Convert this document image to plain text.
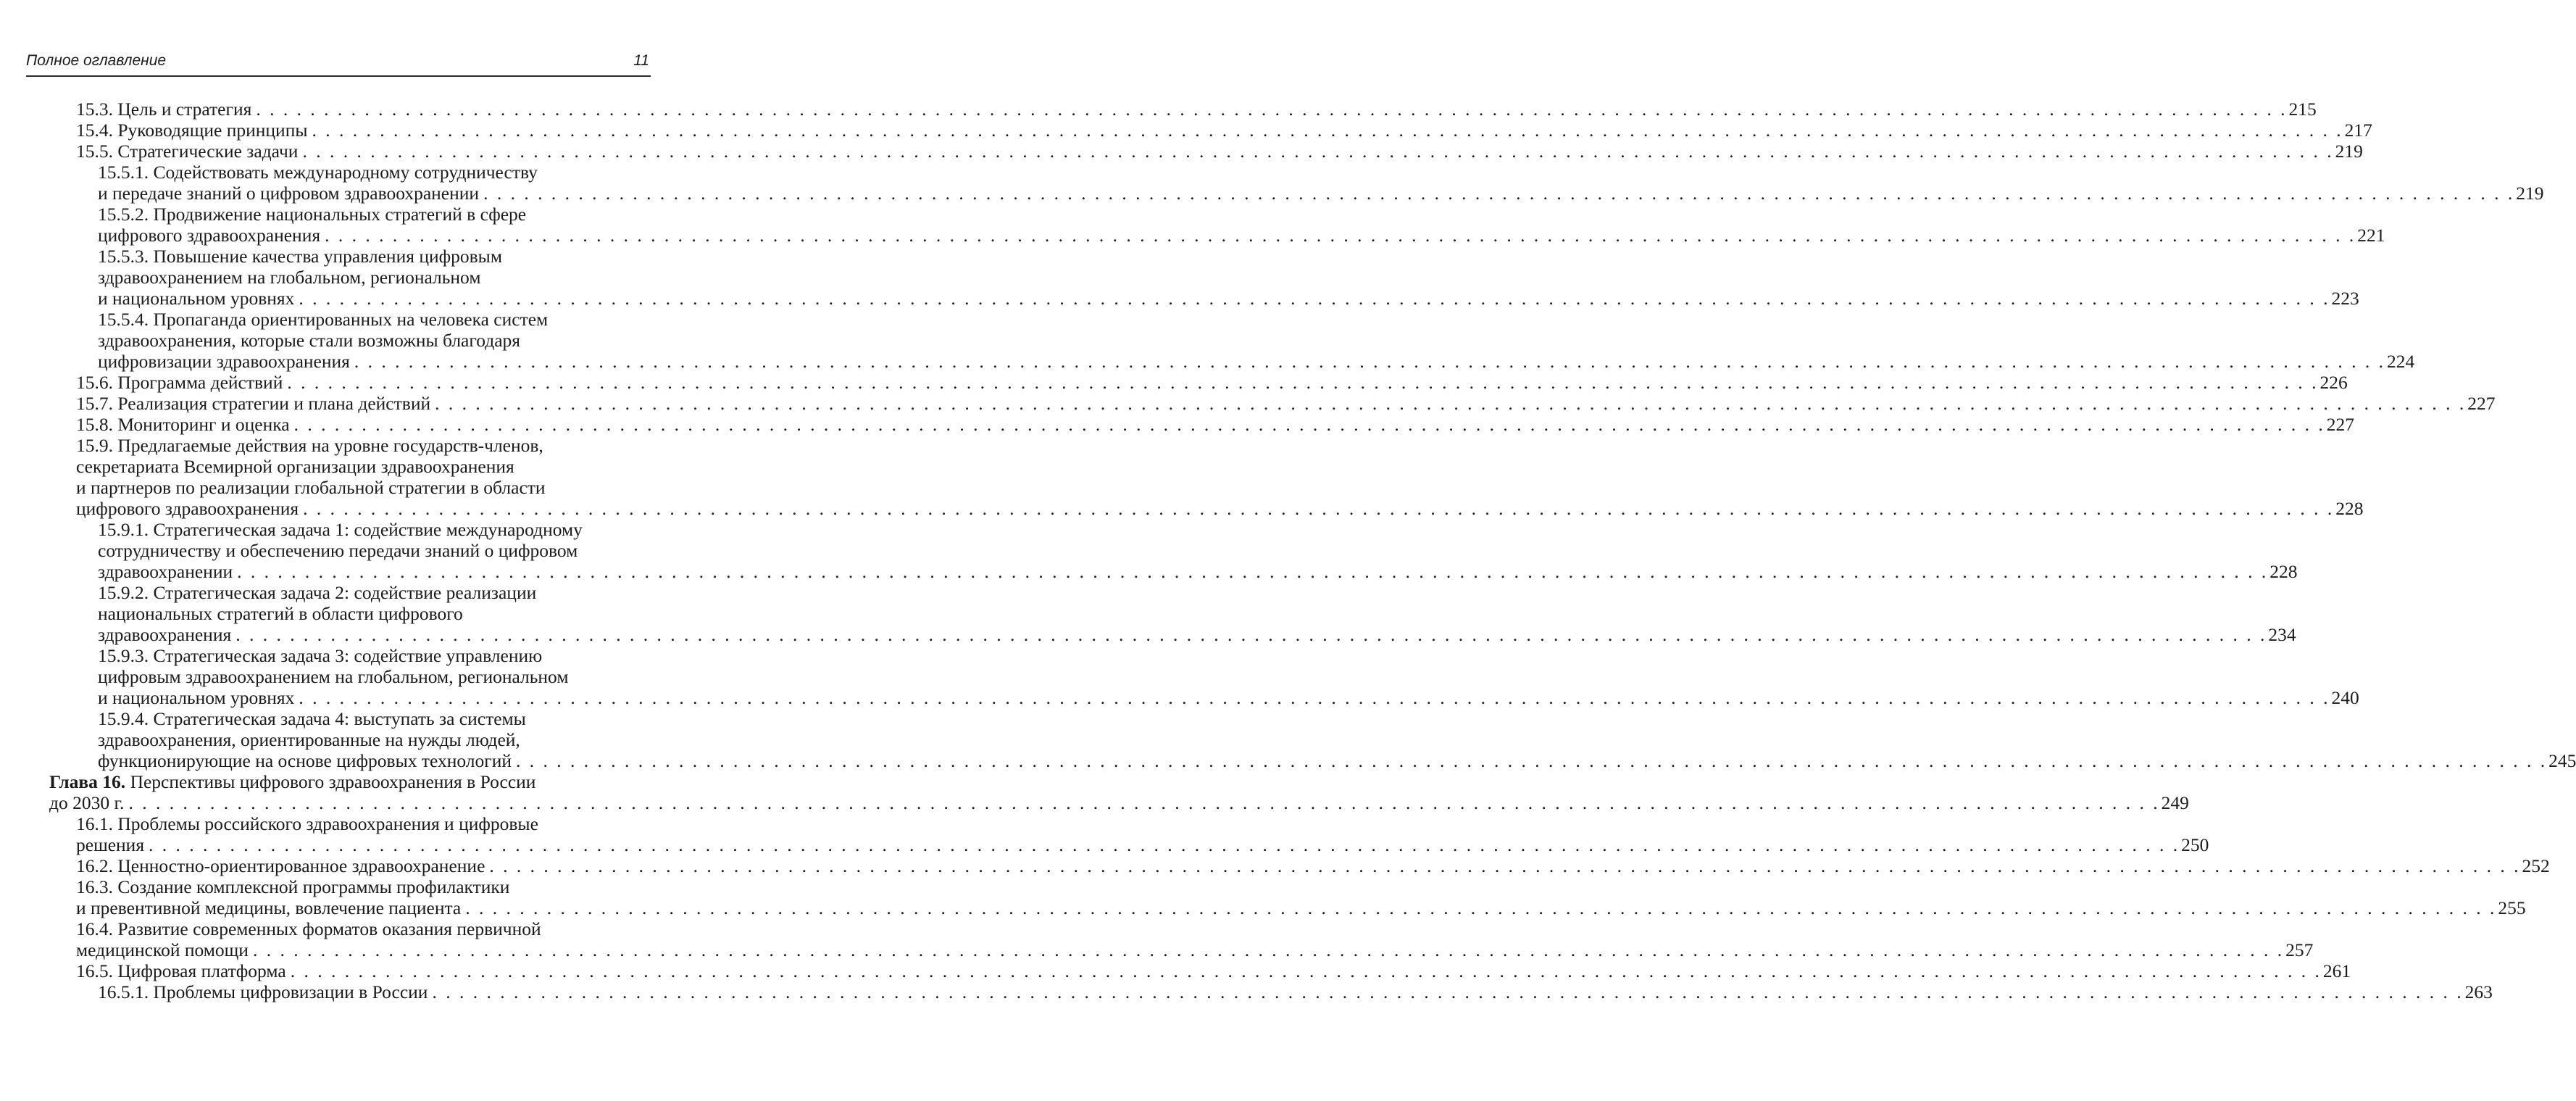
Полное оглавление	11
15.3. Цель и стратегия . . . . . . . . . . . . . . . . . . . . . . . . . . . . . . . . . . . . . . . . . . . . . . . . . . . . . . . . . . . . . . . . . . . . . . . . . . . . . . . . . . . . . . . . . . . . . . . . . . . . . . . . . . . . . . . . . . . . . . . . . . . . . . . . . . . . . . . . . . . . . . . . . . . . . . 215
15.4. Руководящие принципы . . . . . . . . . . . . . . . . . . . . . . . . . . . . . . . . . . . . . . . . . . . . . . . . . . . . . . . . . . . . . . . . . . . . . . . . . . . . . . . . . . . . . . . . . . . . . . . . . . . . . . . . . . . . . . . . . . . . . . . . . . . . . . . . . . . . . . . . . . . . . . . . . . . . . . 217
15.5. Стратегические задачи . . . . . . . . . . . . . . . . . . . . . . . . . . . . . . . . . . . . . . . . . . . . . . . . . . . . . . . . . . . . . . . . . . . . . . . . . . . . . . . . . . . . . . . . . . . . . . . . . . . . . . . . . . . . . . . . . . . . . . . . . . . . . . . . . . . . . . . . . . . . . . . . . . . . . . 219
15.5.1. Содействовать международному сотрудничеству
и передаче знаний о цифровом здравоохранении . . . . . . . . . . . . . . . . . . . . . . . . . . . . . . . . . . . . . . . . . . . . . . . . . . . . . . . . . . . . . . . . . . . . . . . . . . . . . . . . . . . . . . . . . . . . . . . . . . . . . . . . . . . . . . . . . . . . . . . . . . . . . . . . . . . . . . . . . . . . . . . . . . . . . . 219
15.5.2. Продвижение национальных стратегий в сфере
цифрового здравоохранения . . . . . . . . . . . . . . . . . . . . . . . . . . . . . . . . . . . . . . . . . . . . . . . . . . . . . . . . . . . . . . . . . . . . . . . . . . . . . . . . . . . . . . . . . . . . . . . . . . . . . . . . . . . . . . . . . . . . . . . . . . . . . . . . . . . . . . . . . . . . . . . . . . . . . . 221
15.5.3. Повышение качества управления цифровым
здравоохранением на глобальном, региональном
и национальном уровнях . . . . . . . . . . . . . . . . . . . . . . . . . . . . . . . . . . . . . . . . . . . . . . . . . . . . . . . . . . . . . . . . . . . . . . . . . . . . . . . . . . . . . . . . . . . . . . . . . . . . . . . . . . . . . . . . . . . . . . . . . . . . . . . . . . . . . . . . . . . . . . . . . . . . . . 223
15.5.4. Пропаганда ориентированных на человека систем
здравоохранения, которые стали возможны благодаря
цифровизации здравоохранения . . . . . . . . . . . . . . . . . . . . . . . . . . . . . . . . . . . . . . . . . . . . . . . . . . . . . . . . . . . . . . . . . . . . . . . . . . . . . . . . . . . . . . . . . . . . . . . . . . . . . . . . . . . . . . . . . . . . . . . . . . . . . . . . . . . . . . . . . . . . . . . . . . . . . . 224
15.6. Программа действий . . . . . . . . . . . . . . . . . . . . . . . . . . . . . . . . . . . . . . . . . . . . . . . . . . . . . . . . . . . . . . . . . . . . . . . . . . . . . . . . . . . . . . . . . . . . . . . . . . . . . . . . . . . . . . . . . . . . . . . . . . . . . . . . . . . . . . . . . . . . . . . . . . . . . . 226
15.7. Реализация стратегии и плана действий . . . . . . . . . . . . . . . . . . . . . . . . . . . . . . . . . . . . . . . . . . . . . . . . . . . . . . . . . . . . . . . . . . . . . . . . . . . . . . . . . . . . . . . . . . . . . . . . . . . . . . . . . . . . . . . . . . . . . . . . . . . . . . . . . . . . . . . . . . . . . . . . . . . . . . 227
15.8. Мониторинг и оценка . . . . . . . . . . . . . . . . . . . . . . . . . . . . . . . . . . . . . . . . . . . . . . . . . . . . . . . . . . . . . . . . . . . . . . . . . . . . . . . . . . . . . . . . . . . . . . . . . . . . . . . . . . . . . . . . . . . . . . . . . . . . . . . . . . . . . . . . . . . . . . . . . . . . . . 227
15.9. Предлагаемые действия на уровне государств-членов,
секретариата Всемирной организации здравоохранения
и партнеров по реализации глобальной стратегии в области
цифрового здравоохранения . . . . . . . . . . . . . . . . . . . . . . . . . . . . . . . . . . . . . . . . . . . . . . . . . . . . . . . . . . . . . . . . . . . . . . . . . . . . . . . . . . . . . . . . . . . . . . . . . . . . . . . . . . . . . . . . . . . . . . . . . . . . . . . . . . . . . . . . . . . . . . . . . . . . . . 228
15.9.1. Стратегическая задача 1: содействие международному
сотрудничеству и обеспечению передачи знаний о цифровом
здравоохранении . . . . . . . . . . . . . . . . . . . . . . . . . . . . . . . . . . . . . . . . . . . . . . . . . . . . . . . . . . . . . . . . . . . . . . . . . . . . . . . . . . . . . . . . . . . . . . . . . . . . . . . . . . . . . . . . . . . . . . . . . . . . . . . . . . . . . . . . . . . . . . . . . . . . . . 228
15.9.2. Стратегическая задача 2: содействие реализации
национальных стратегий в области цифрового
здравоохранения . . . . . . . . . . . . . . . . . . . . . . . . . . . . . . . . . . . . . . . . . . . . . . . . . . . . . . . . . . . . . . . . . . . . . . . . . . . . . . . . . . . . . . . . . . . . . . . . . . . . . . . . . . . . . . . . . . . . . . . . . . . . . . . . . . . . . . . . . . . . . . . . . . . . . . 234
15.9.3. Стратегическая задача 3: содействие управлению
цифровым здравоохранением на глобальном, региональном
и национальном уровнях . . . . . . . . . . . . . . . . . . . . . . . . . . . . . . . . . . . . . . . . . . . . . . . . . . . . . . . . . . . . . . . . . . . . . . . . . . . . . . . . . . . . . . . . . . . . . . . . . . . . . . . . . . . . . . . . . . . . . . . . . . . . . . . . . . . . . . . . . . . . . . . . . . . . . . 240
15.9.4. Стратегическая задача 4: выступать за системы
здравоохранения, ориентированные на нужды людей,
функционирующие на основе цифровых технологий . . . . . . . . . . . . . . . . . . . . . . . . . . . . . . . . . . . . . . . . . . . . . . . . . . . . . . . . . . . . . . . . . . . . . . . . . . . . . . . . . . . . . . . . . . . . . . . . . . . . . . . . . . . . . . . . . . . . . . . . . . . . . . . . . . . . . . . . . . . . . . . . . . . . . . 245
Глава 16. Перспективы цифрового здравоохранения в России
до 2030 г. . . . . . . . . . . . . . . . . . . . . . . . . . . . . . . . . . . . . . . . . . . . . . . . . . . . . . . . . . . . . . . . . . . . . . . . . . . . . . . . . . . . . . . . . . . . . . . . . . . . . . . . . . . . . . . . . . . . . . . . . . . . . . . . . . . . . . . . . . . . . . . . . . . . . . . 249
16.1. Проблемы российского здравоохранения и цифровые
решения . . . . . . . . . . . . . . . . . . . . . . . . . . . . . . . . . . . . . . . . . . . . . . . . . . . . . . . . . . . . . . . . . . . . . . . . . . . . . . . . . . . . . . . . . . . . . . . . . . . . . . . . . . . . . . . . . . . . . . . . . . . . . . . . . . . . . . . . . . . . . . . . . . . . . . 250
16.2. Ценностно-ориентированное здравоохранение . . . . . . . . . . . . . . . . . . . . . . . . . . . . . . . . . . . . . . . . . . . . . . . . . . . . . . . . . . . . . . . . . . . . . . . . . . . . . . . . . . . . . . . . . . . . . . . . . . . . . . . . . . . . . . . . . . . . . . . . . . . . . . . . . . . . . . . . . . . . . . . . . . . . . . 252
16.3. Создание комплексной программы профилактики
и превентивной медицины, вовлечение пациента . . . . . . . . . . . . . . . . . . . . . . . . . . . . . . . . . . . . . . . . . . . . . . . . . . . . . . . . . . . . . . . . . . . . . . . . . . . . . . . . . . . . . . . . . . . . . . . . . . . . . . . . . . . . . . . . . . . . . . . . . . . . . . . . . . . . . . . . . . . . . . . . . . . . . . 255
16.4. Развитие современных форматов оказания первичной
медицинской помощи . . . . . . . . . . . . . . . . . . . . . . . . . . . . . . . . . . . . . . . . . . . . . . . . . . . . . . . . . . . . . . . . . . . . . . . . . . . . . . . . . . . . . . . . . . . . . . . . . . . . . . . . . . . . . . . . . . . . . . . . . . . . . . . . . . . . . . . . . . . . . . . . . . . . . . 257
16.5. Цифровая платформа . . . . . . . . . . . . . . . . . . . . . . . . . . . . . . . . . . . . . . . . . . . . . . . . . . . . . . . . . . . . . . . . . . . . . . . . . . . . . . . . . . . . . . . . . . . . . . . . . . . . . . . . . . . . . . . . . . . . . . . . . . . . . . . . . . . . . . . . . . . . . . . . . . . . . . 261
16.5.1. Проблемы цифровизации в России . . . . . . . . . . . . . . . . . . . . . . . . . . . . . . . . . . . . . . . . . . . . . . . . . . . . . . . . . . . . . . . . . . . . . . . . . . . . . . . . . . . . . . . . . . . . . . . . . . . . . . . . . . . . . . . . . . . . . . . . . . . . . . . . . . . . . . . . . . . . . . . . . . . . . . 263
